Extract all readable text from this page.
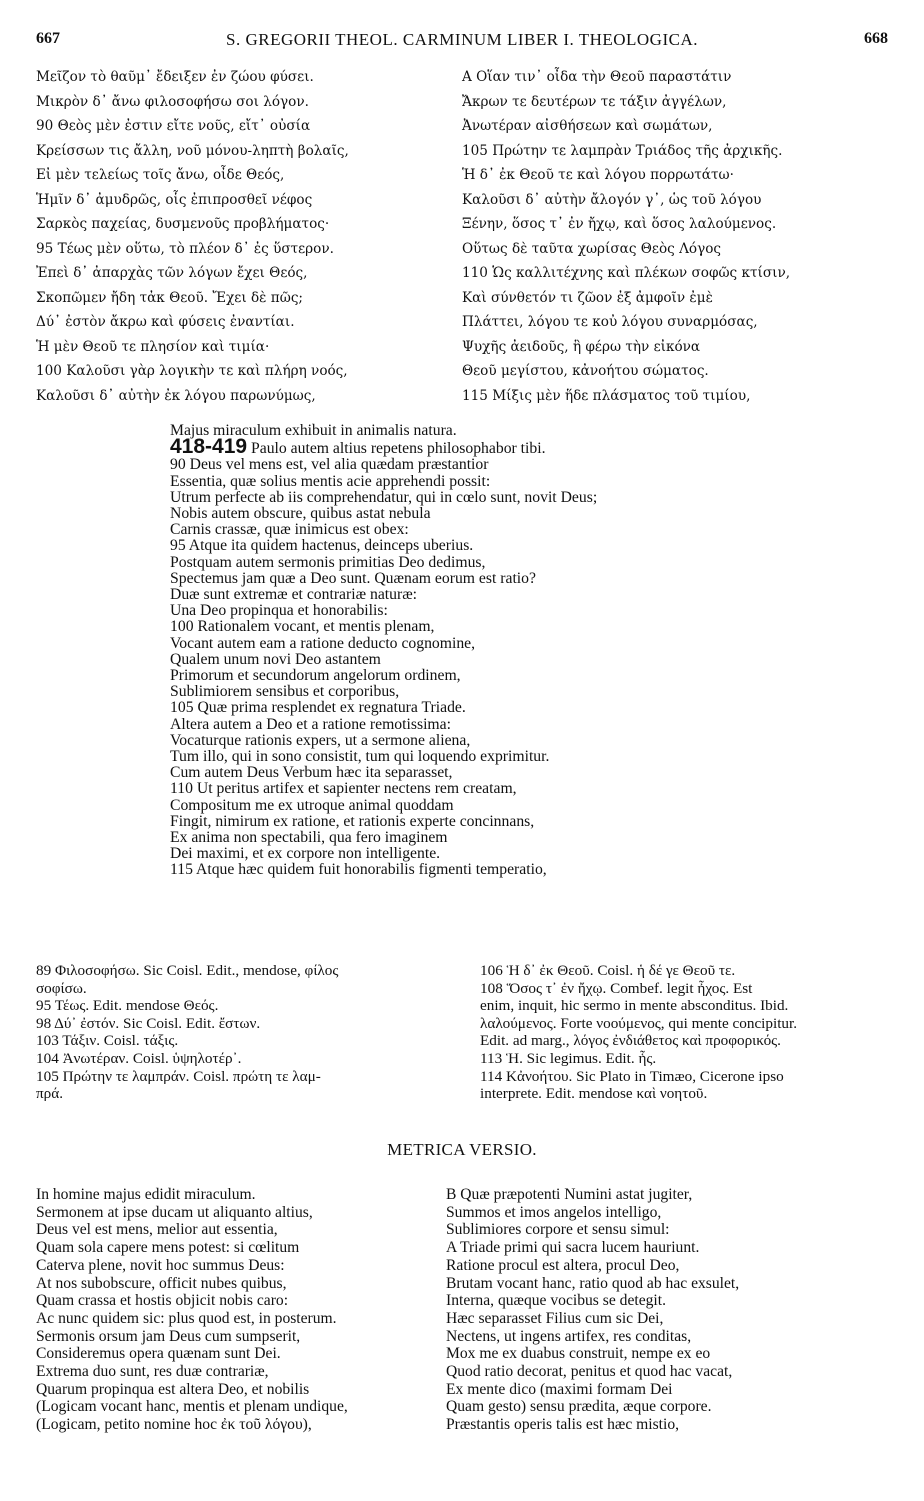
667	S. GREGORII THEOL. CARMINUM LIBER I. THEOLOGICA.	668
Μεῖζον τὸ θαῦμ᾽ ἔδειξεν ἐν ζώου φύσει.
Μικρὸν δ᾽ ἄνω φιλοσοφήσω σοι λόγον.
90 Θεὸς μὲν ἐστιν εἴτε νοῦς, εἴτ᾽ οὐσία
Κρείσσων τις ἄλλη, νοῦ μόνου-ληπτὴ βολαῖς,
Εἰ μὲν τελείως τοῖς ἄνω, οἶδε Θεός,
Ἡμῖν δ᾽ ἀμυδρῶς, οἷς ἐπιπροσθεῖ νέφος
Σαρκὸς παχείας, δυσμενοῦς προβλήματος·
95 Τέως μὲν οὕτω, τὸ πλέον δ᾽ ἐς ὕστερον.
Ἐπεὶ δ᾽ ἀπαρχὰς τῶν λόγων ἔχει Θεός,
Σκοπῶμεν ἤδη τἀκ Θεοῦ. Ἔχει δὲ πῶς;
Δύ᾽ ἐστὸν ἄκρω καὶ φύσεις ἐναντίαι.
Ἡ μὲν Θεοῦ τε πλησίον καὶ τιμία·
100 Καλοῦσι γὰρ λογικὴν τε καὶ πλήρη νοός,
Καλοῦσι δ᾽ αὐτὴν ἐκ λόγου παρωνύμως,
A Οἵαν τιν᾽ οἶδα τὴν Θεοῦ παραστάτιν
Ἄκρων τε δευτέρων τε τάξιν ἀγγέλων,
Ἀνωτέραν αἰσθήσεων καὶ σωμάτων,
105 Πρώτην τε λαμπρὰν Τριάδος τῆς ἀρχικῆς.
Ἡ δ᾽ ἐκ Θεοῦ τε καὶ λόγου πορρωτάτω·
Καλοῦσι δ᾽ αὐτὴν ἄλογόν γ᾽, ὡς τοῦ λόγου
Ξένην, ὅσος τ᾽ ἐν ἤχῳ, καὶ ὅσος λαλούμενος.
Οὕτως δὲ ταῦτα χωρίσας Θεὸς Λόγος
110 Ὡς καλλιτέχνης καὶ πλέκων σοφῶς κτίσιν,
Καὶ σύνθετόν τι ζῶον ἐξ ἀμφοῖν ἐμὲ
Πλάττει, λόγου τε κοὐ λόγου συναρμόσας,
Ψυχῆς ἀειδοῦς, ἣ φέρω τὴν εἰκόνα
Θεοῦ μεγίστου, κἀνοήτου σώματος.
115 Μίξις μὲν ἥδε πλάσματος τοῦ τιμίου,
Majus miraculum exhibuit in animalis natura.
418-419 Paulo autem altius repetens philosophabor tibi.
90 Deus vel mens est, vel alia quædam præstantior
Essentia, quæ solius mentis acie apprehendi possit:
Utrum perfecte ab iis comprehendatur, qui in cœlo sunt, novit Deus;
Nobis autem obscure, quibus astat nebula
Carnis crassæ, quæ inimicus est obex:
95 Atque ita quidem hactenus, deinceps uberius.
Postquam autem sermonis primitias Deo dedimus,
Spectemus jam quæ a Deo sunt. Quænam eorum est ratio?
Duæ sunt extremæ et contrariæ naturæ:
Una Deo propinqua et honorabilis:
100 Rationalem vocant, et mentis plenam,
Vocant autem eam a ratione deducto cognomine,
Qualem unum novi Deo astantem
Primorum et secundorum angelorum ordinem,
Sublimiorem sensibus et corporibus,
105 Quæ prima resplendet ex regnatura Triade.
Altera autem a Deo et a ratione remotissima:
Vocaturque rationis expers, ut a sermone aliena,
Tum illo, qui in sono consistit, tum qui loquendo exprimitur.
Cum autem Deus Verbum hæc ita separasset,
110 Ut peritus artifex et sapienter nectens rem creatam,
Compositum me ex utroque animal quoddam
Fingit, nimirum ex ratione, et rationis experte concinnans,
Ex anima non spectabili, qua fero imaginem
Dei maximi, et ex corpore non intelligente.
115 Atque hæc quidem fuit honorabilis figmenti temperatio,
89 Φιλοσοφήσω. Sic Coisl. Edit., mendose, φίλος
σοφίσω.
95 Τέως. Edit. mendose Θεός.
98 Δύ᾽ ἐστόν. Sic Coisl. Edit. ἔστων.
103 Τάξιν. Coisl. τάξις.
104 Ἀνωτέραν. Coisl. ὑψηλοτέρ᾽.
105 Πρώτην τε λαμπράν. Coisl. πρώτη τε λαμ-
πρά.
106 Ἡ δ᾽ ἐκ Θεοῦ. Coisl. ἡ δέ γε Θεοῦ τε.
108 Ὅσος τ᾽ ἐν ἤχῳ. Combef. legit ἦχος. Est
enim, inquit, hic sermo in mente absconditus. Ibid.
λαλούμενος. Forte νοούμενος, qui mente concipitur.
Edit. ad marg., λόγος ἐνδιάθετος καὶ προφορικός.
113 Ἡ. Sic legimus. Edit. ἧς.
114 Κἀνοήτου. Sic Plato in Timæo, Cicerone ipso
interprete. Edit. mendose καὶ νοητοῦ.
METRICA VERSIO.
In homine majus edidit miraculum.
Sermonem at ipse ducam ut aliquanto altius,
Deus vel est mens, melior aut essentia,
Quam sola capere mens potest: si cœlitum
Caterva plene, novit hoc summus Deus:
At nos subobscure, officit nubes quibus,
Quam crassa et hostis objicit nobis caro:
Ac nunc quidem sic: plus quod est, in posterum.
Sermonis orsum jam Deus cum sumpserit,
Consideremus opera quænam sunt Dei.
Extrema duo sunt, res duæ contrariæ,
Quarum propinqua est altera Deo, et nobilis
(Logicam vocant hanc, mentis et plenam undique,
(Logicam, petito nomine hoc ἐκ τοῦ λόγου),
B Quæ præpotenti Numini astat jugiter,
Summos et imos angelos intelligo,
Sublimiores corpore et sensu simul:
A Triade primi qui sacra lucem hauriunt.
Ratione procul est altera, procul Deo,
Brutam vocant hanc, ratio quod ab hac exsulet,
Interna, quæque vocibus se detegit.
Hæc separasset Filius cum sic Dei,
Nectens, ut ingens artifex, res conditas,
Mox me ex duabus construit, nempe ex eo
Quod ratio decorat, penitus et quod hac vacat,
Ex mente dico (maximi formam Dei
Quam gesto) sensu prædita, æque corpore.
Præstantis operis talis est hæc mistio,
